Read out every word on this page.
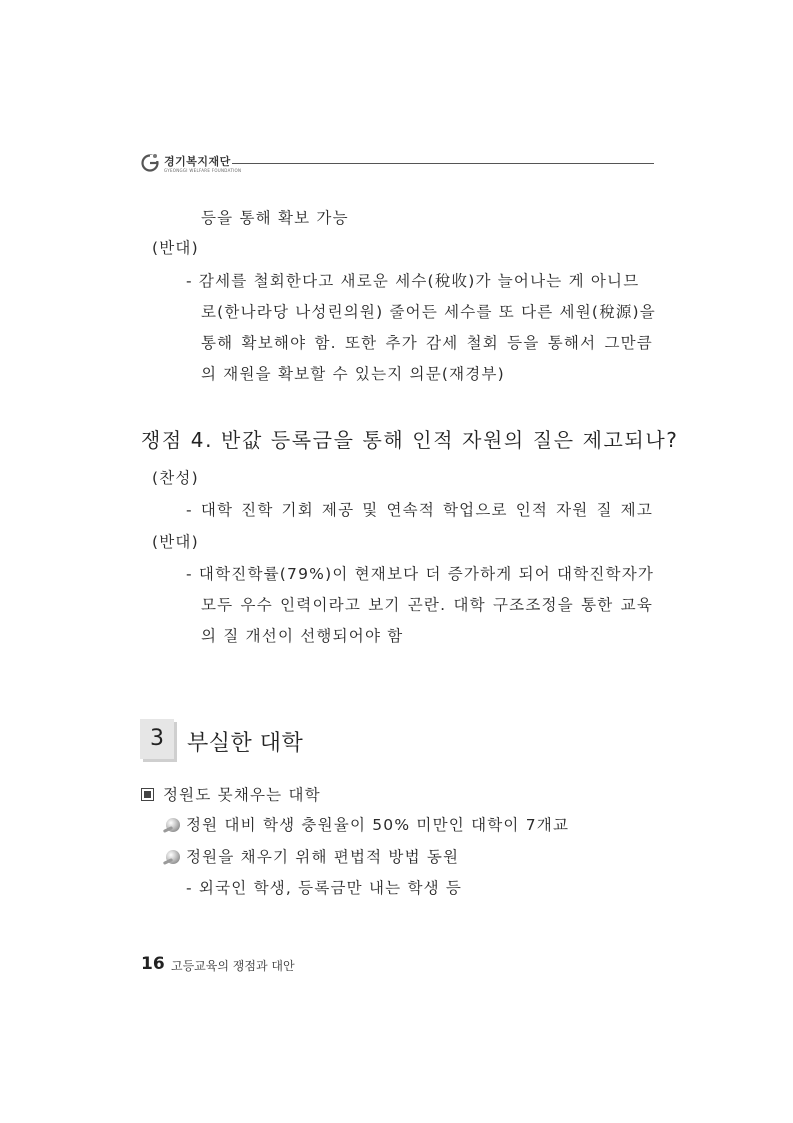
경기복지재단
GYEONGGI WELFARE FOUNDATION
등을 통해 확보 가능
(반대)
- 감세를 철회한다고 새로운 세수(稅收)가 늘어나는 게 아니므
로(한나라당 나성린의원) 줄어든 세수를 또 다른 세원(稅源)을
통해 확보해야 함. 또한 추가 감세 철회 등을 통해서 그만큼
의 재원을 확보할 수 있는지 의문(재경부)
쟁점 4. 반값 등록금을 통해 인적 자원의 질은 제고되나?
(찬성)
- 대학 진학 기회 제공 및 연속적 학업으로 인적 자원 질 제고
(반대)
- 대학진학률(79%)이 현재보다 더 증가하게 되어 대학진학자가
모두 우수 인력이라고 보기 곤란. 대학 구조조정을 통한 교육
의 질 개선이 선행되어야 함
3 부실한 대학
정원도 못채우는 대학
정원 대비 학생 충원율이 50% 미만인 대학이 7개교
정원을 채우기 위해 편법적 방법 동원
- 외국인 학생, 등록금만 내는 학생 등
16 고등교육의 쟁점과 대안
